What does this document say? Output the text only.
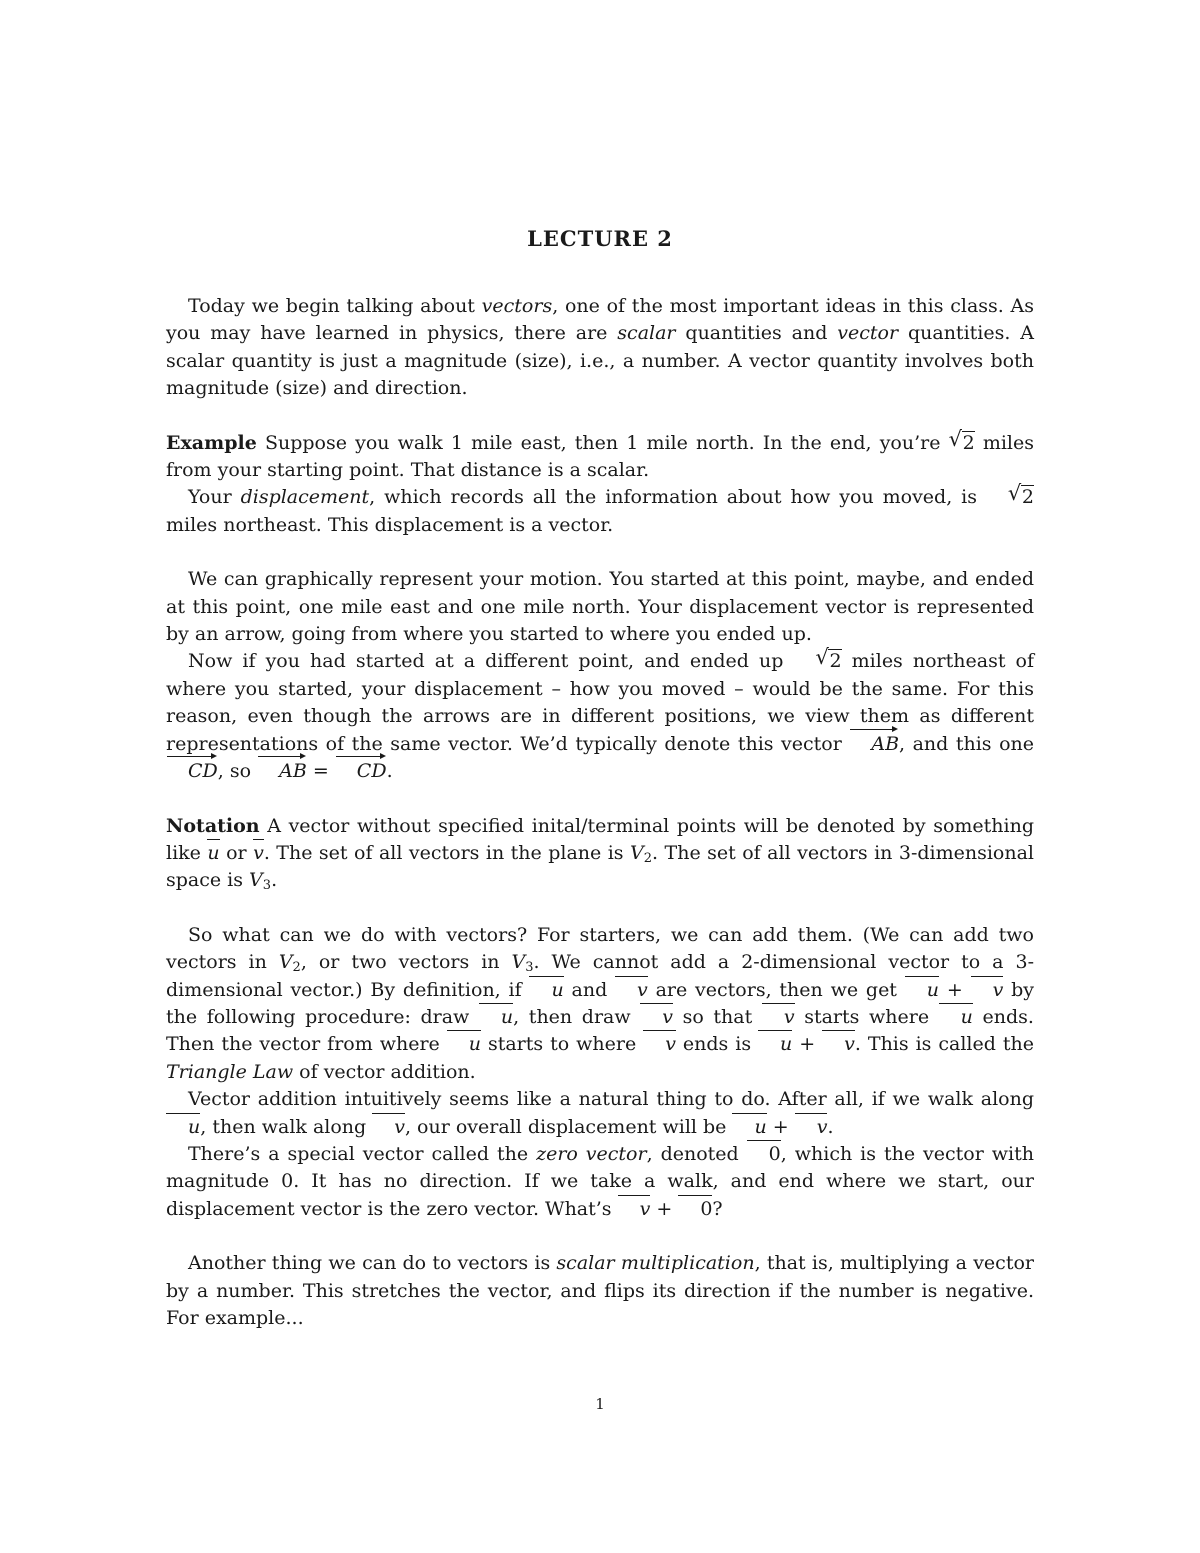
LECTURE 2

Today we begin talking about vectors, one of the most important ideas in this class. As you may have learned in physics, there are scalar quantities and vector quantities. A scalar quantity is just a magnitude (size), i.e., a number. A vector quantity involves both magnitude (size) and direction.

Example Suppose you walk 1 mile east, then 1 mile north. In the end, you’re √ 2 miles from your starting point. That distance is a scalar.

Your displacement, which records all the information about how you moved, is	√ 2 miles northeast. This displacement is a vector.

We can graphically represent your motion. You started at this point, maybe, and ended at this point, one mile east and one mile north. Your displacement vector is represented by an arrow, going from where you started to where you ended up.

Now if you had started at a different point, and ended up	√ 2 miles northeast of where you started, your displacement – how you moved – would be the same. For this reason, even though the arrows are in different positions, we view them as different representations of the same vector. We’d typically denote this vector AB, and this one CD, so AB = CD.

Notation A vector without specified inital/terminal points will be denoted by something like u or v. The set of all vectors in the plane is $V_2$. The set of all vectors in 3-dimensional space is $V_3$.

So what can we do with vectors? For starters, we can add them. (We can add two vectors in $V_2$, or two vectors in $V_3$. We cannot add a 2-dimensional vector to a 3-dimensional vector.) By definition, if u and v are vectors, then we get u + v by the following procedure: draw u, then draw v so that v starts where u ends. Then the vector from where u starts to where v ends is u + v. This is called the Triangle Law of vector addition.

Vector addition intuitively seems like a natural thing to do. After all, if we walk along u, then walk along v, our overall displacement will be u + v.

There’s a special vector called the zero vector, denoted 0, which is the vector with magnitude 0. It has no direction. If we take a walk, and end where we start, our displacement vector is the zero vector. What’s v + 0?

Another thing we can do to vectors is scalar multiplication, that is, multiplying a vector by a number. This stretches the vector, and flips its direction if the number is negative. For example...

1
